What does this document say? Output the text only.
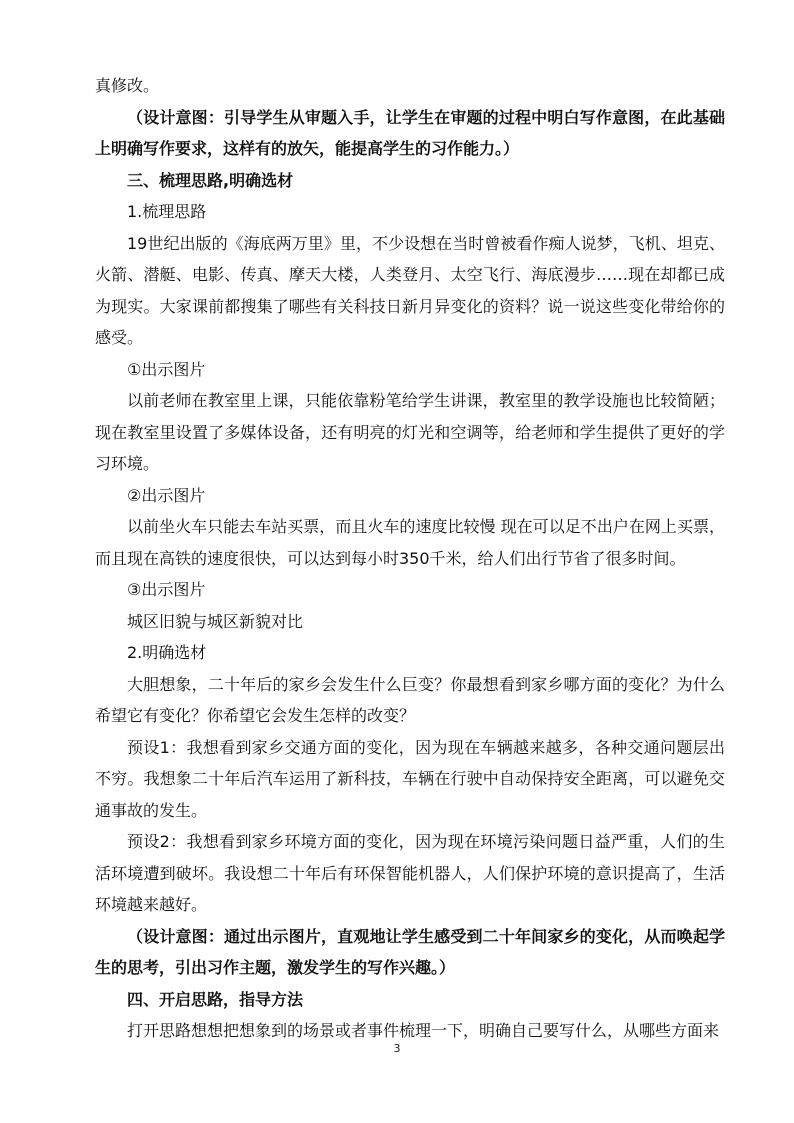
真修改。

（设计意图：引导学生从审题入手，让学生在审题的过程中明白写作意图，在此基础上明确写作要求，这样有的放矢，能提高学生的习作能力。）

三、梳理思路,明确选材

1.梳理思路

19世纪出版的《海底两万里》里，不少设想在当时曾被看作痴人说梦，飞机、坦克、火箭、潜艇、电影、传真、摩天大楼，人类登月、太空飞行、海底漫步……现在却都已成为现实。大家课前都搜集了哪些有关科技日新月异变化的资料？说一说这些变化带给你的感受。

①出示图片

以前老师在教室里上课，只能依靠粉笔给学生讲课，教室里的教学设施也比较简陋；现在教室里设置了多媒体设备，还有明亮的灯光和空调等，给老师和学生提供了更好的学习环境。

②出示图片

以前坐火车只能去车站买票，而且火车的速度比较慢 现在可以足不出户在网上买票，而且现在高铁的速度很快，可以达到每小时350千米，给人们出行节省了很多时间。

③出示图片

城区旧貌与城区新貌对比

2.明确选材

大胆想象，二十年后的家乡会发生什么巨变？你最想看到家乡哪方面的变化？为什么希望它有变化？你希望它会发生怎样的改变？

预设1：我想看到家乡交通方面的变化，因为现在车辆越来越多，各种交通问题层出不穷。我想象二十年后汽车运用了新科技，车辆在行驶中自动保持安全距离，可以避免交通事故的发生。

预设2：我想看到家乡环境方面的变化，因为现在环境污染问题日益严重，人们的生活环境遭到破坏。我设想二十年后有环保智能机器人，人们保护环境的意识提高了，生活环境越来越好。

（设计意图：通过出示图片，直观地让学生感受到二十年间家乡的变化，从而唤起学生的思考，引出习作主题，激发学生的写作兴趣。）

四、开启思路，指导方法

打开思路想想把想象到的场景或者事件梳理一下，明确自己要写什么，从哪些方面来

3
